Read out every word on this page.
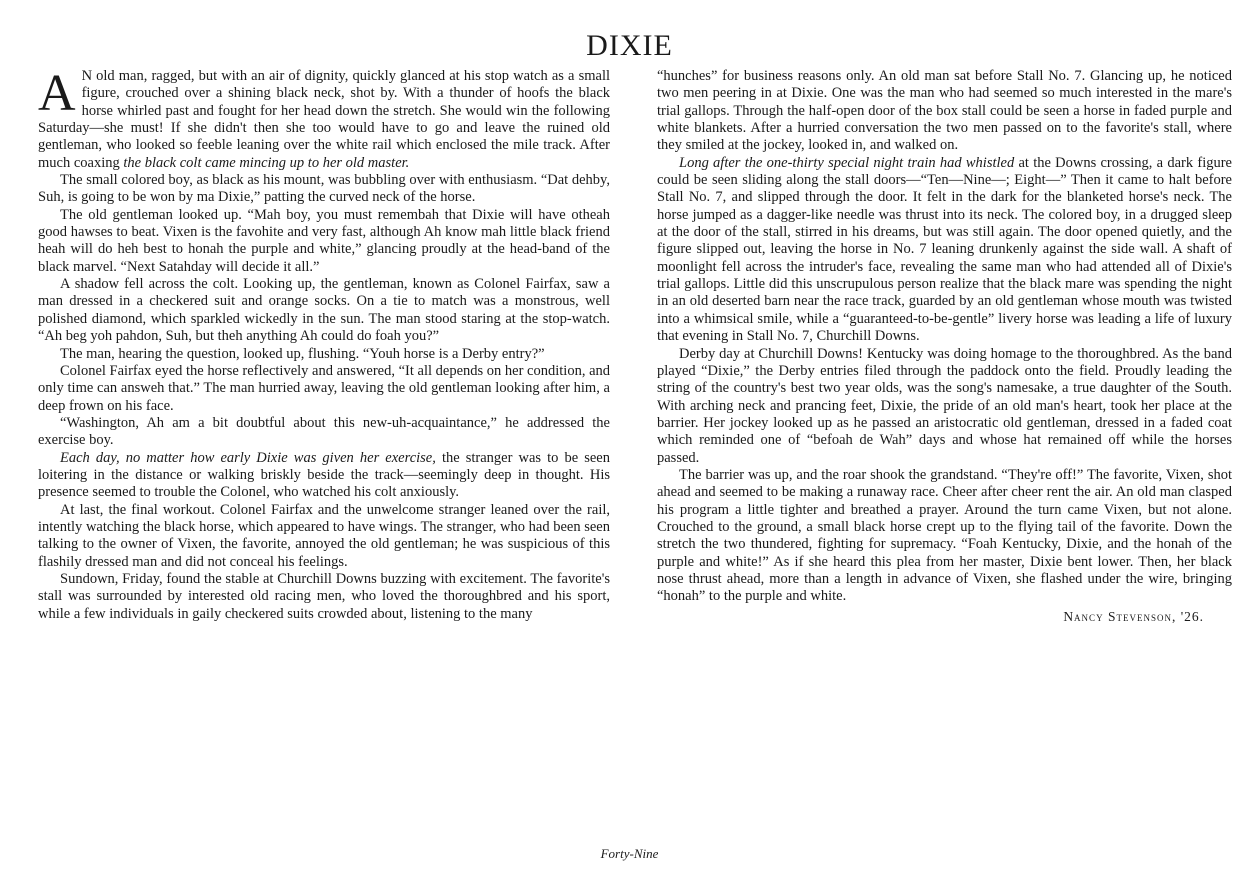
DIXIE

A N old man, ragged, but with an air of dignity, quickly glanced at his stop watch as a small figure, crouched over a shining black neck, shot by. With a thunder of hoofs the black horse whirled past and fought for her head down the stretch. She would win the following Saturday—she must! If she didn't then she too would have to go and leave the ruined old gentleman, who looked so feeble leaning over the white rail which enclosed the mile track. After much coaxing the black colt came mincing up to her old master.

The small colored boy, as black as his mount, was bubbling over with enthusiasm. “Dat dehby, Suh, is going to be won by ma Dixie,” patting the curved neck of the horse.

The old gentleman looked up. “Mah boy, you must remembah that Dixie will have otheah good hawses to beat. Vixen is the favohite and very fast, although Ah know mah little black friend heah will do heh best to honah the purple and white,” glancing proudly at the head-band of the black marvel. “Next Satahday will decide it all.”

A shadow fell across the colt. Looking up, the gentleman, known as Colonel Fairfax, saw a man dressed in a checkered suit and orange socks. On a tie to match was a monstrous, well polished diamond, which sparkled wickedly in the sun. The man stood staring at the stop-watch. “Ah beg yoh pahdon, Suh, but theh anything Ah could do foah you?”

The man, hearing the question, looked up, flushing. “Youh horse is a Derby entry?”

Colonel Fairfax eyed the horse reflectively and answered, “It all depends on her condition, and only time can answeh that.” The man hurried away, leaving the old gentleman looking after him, a deep frown on his face.

“Washington, Ah am a bit doubtful about this new-uh-acquaintance,” he addressed the exercise boy.

Each day, no matter how early Dixie was given her exercise, the stranger was to be seen loitering in the distance or walking briskly beside the track—seemingly deep in thought. His presence seemed to trouble the Colonel, who watched his colt anxiously.

At last, the final workout. Colonel Fairfax and the unwelcome stranger leaned over the rail, intently watching the black horse, which appeared to have wings. The stranger, who had been seen talking to the owner of Vixen, the favorite, annoyed the old gentleman; he was suspicious of this flashily dressed man and did not conceal his feelings.

Sundown, Friday, found the stable at Churchill Downs buzzing with excitement. The favorite's stall was surrounded by interested old racing men, who loved the thoroughbred and his sport, while a few individuals in gaily checkered suits crowded about, listening to the many

“hunches” for business reasons only. An old man sat before Stall No. 7. Glancing up, he noticed two men peering in at Dixie. One was the man who had seemed so much interested in the mare's trial gallops. Through the half-open door of the box stall could be seen a horse in faded purple and white blankets. After a hurried conversation the two men passed on to the favorite's stall, where they smiled at the jockey, looked in, and walked on.

Long after the one-thirty special night train had whistled at the Downs crossing, a dark figure could be seen sliding along the stall doors—“Ten—Nine—; Eight—” Then it came to halt before Stall No. 7, and slipped through the door. It felt in the dark for the blanketed horse's neck. The horse jumped as a dagger-like needle was thrust into its neck. The colored boy, in a drugged sleep at the door of the stall, stirred in his dreams, but was still again. The door opened quietly, and the figure slipped out, leaving the horse in No. 7 leaning drunkenly against the side wall. A shaft of moonlight fell across the intruder's face, revealing the same man who had attended all of Dixie's trial gallops. Little did this unscrupulous person realize that the black mare was spending the night in an old deserted barn near the race track, guarded by an old gentleman whose mouth was twisted into a whimsical smile, while a “guaranteed-to-be-gentle” livery horse was leading a life of luxury that evening in Stall No. 7, Churchill Downs.

Derby day at Churchill Downs! Kentucky was doing homage to the thoroughbred. As the band played “Dixie,” the Derby entries filed through the paddock onto the field. Proudly leading the string of the country's best two year olds, was the song's namesake, a true daughter of the South. With arching neck and prancing feet, Dixie, the pride of an old man's heart, took her place at the barrier. Her jockey looked up as he passed an aristocratic old gentleman, dressed in a faded coat which reminded one of “befoah de Wah” days and whose hat remained off while the horses passed.

The barrier was up, and the roar shook the grandstand. “They're off!” The favorite, Vixen, shot ahead and seemed to be making a runaway race. Cheer after cheer rent the air. An old man clasped his program a little tighter and breathed a prayer. Around the turn came Vixen, but not alone. Crouched to the ground, a small black horse crept up to the flying tail of the favorite. Down the stretch the two thundered, fighting for supremacy. “Foah Kentucky, Dixie, and the honah of the purple and white!” As if she heard this plea from her master, Dixie bent lower. Then, her black nose thrust ahead, more than a length in advance of Vixen, she flashed under the wire, bringing “honah” to the purple and white.

Nancy Stevenson, '26.
Forty-Nine
